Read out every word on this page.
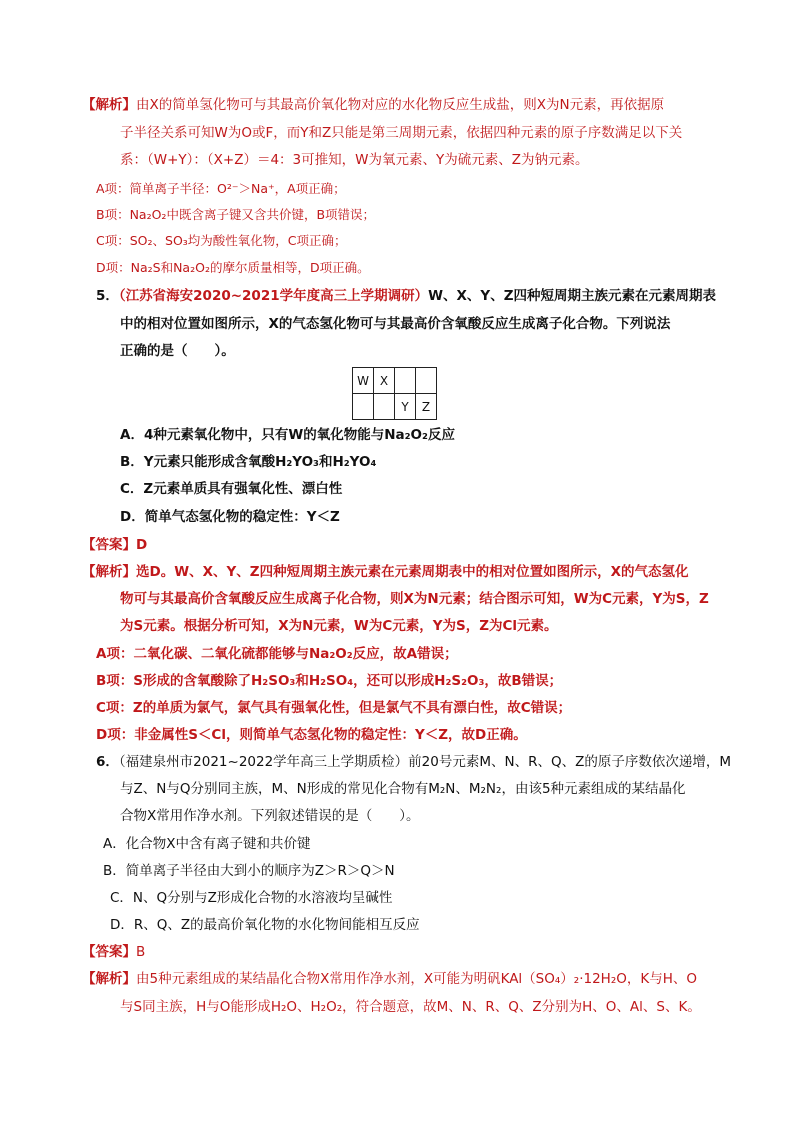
【解析】由X的简单氢化物可与其最高价氧化物对应的水化物反应生成盐，则X为N元素，再依据原
子半径关系可知W为O或F，而Y和Z只能是第三周期元素，依据四种元素的原子序数满足以下关
系：（W+Y）：（X+Z）＝4：3可推知，W为氧元素、Y为硫元素、Z为钠元素。
A项：简单离子半径：O²⁻＞Na⁺，A项正确；
B项：Na₂O₂中既含离子键又含共价键，B项错误；
C项：SO₂、SO₃均为酸性氧化物，C项正确；
D项：Na₂S和Na₂O₂的摩尔质量相等，D项正确。
5．（江苏省海安2020~2021学年度高三上学期调研）W、X、Y、Z四种短周期主族元素在元素周期表
中的相对位置如图所示，X的气态氢化物可与其最高价含氧酸反应生成离子化合物。下列说法
正确的是（　　）。
W	X		
		Y	Z
A．4种元素氧化物中，只有W的氧化物能与Na₂O₂反应
B．Y元素只能形成含氧酸H₂YO₃和H₂YO₄
C．Z元素单质具有强氧化性、漂白性
D．简单气态氢化物的稳定性：Y＜Z
【答案】D
【解析】选D。W、X、Y、Z四种短周期主族元素在元素周期表中的相对位置如图所示，X的气态氢化
物可与其最高价含氧酸反应生成离子化合物，则X为N元素；结合图示可知，W为C元素，Y为S，Z
为S元素。根据分析可知，X为N元素，W为C元素，Y为S，Z为Cl元素。
A项：二氧化碳、二氧化硫都能够与Na₂O₂反应，故A错误；
B项：S形成的含氧酸除了H₂SO₃和H₂SO₄，还可以形成H₂S₂O₃，故B错误；
C项：Z的单质为氯气，氯气具有强氧化性，但是氯气不具有漂白性，故C错误；
D项：非金属性S＜Cl，则简单气态氢化物的稳定性：Y＜Z，故D正确。
6．（福建泉州市2021~2022学年高三上学期质检）前20号元素M、N、R、Q、Z的原子序数依次递增，M
与Z、N与Q分别同主族，M、N形成的常见化合物有M₂N、M₂N₂，由该5种元素组成的某结晶化
合物X常用作净水剂。下列叙述错误的是（　　）。
A．化合物X中含有离子键和共价键
B．简单离子半径由大到小的顺序为Z＞R＞Q＞N
C．N、Q分别与Z形成化合物的水溶液均呈碱性
D．R、Q、Z的最高价氧化物的水化物间能相互反应
【答案】B
【解析】由5种元素组成的某结晶化合物X常用作净水剂，X可能为明矾KAl（SO₄）₂·12H₂O，K与H、O
与S同主族，H与O能形成H₂O、H₂O₂，符合题意，故M、N、R、Q、Z分别为H、O、Al、S、K。
